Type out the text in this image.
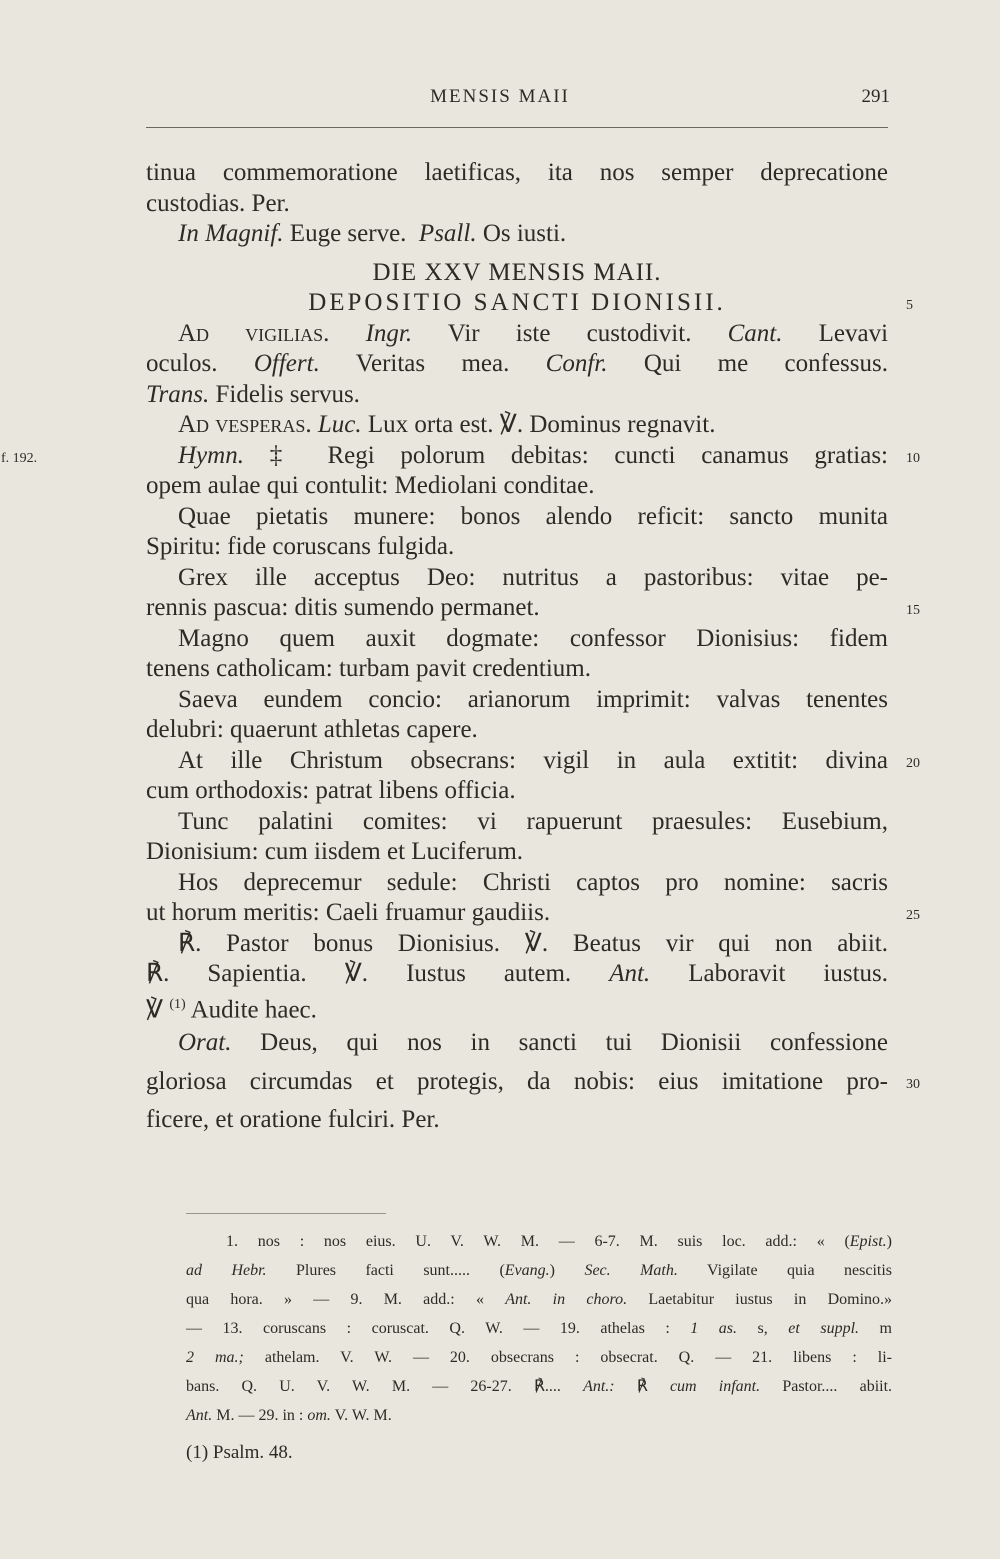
MENSIS MAII	291
tinua commemoratione laetificas, ita nos semper deprecatione
custodias. Per.
In Magnif. Euge serve. Psall. Os iusti.
DIE XXV MENSIS MAII.
DEPOSITIO SANCTI DIONISII.	5
Ad vigilias. Ingr. Vir iste custodivit. Cant. Levavi
oculos. Offert. Veritas mea. Confr. Qui me confessus.
Trans. Fidelis servus.
Ad vesperas. Luc. Lux orta est. ℣. Dominus regnavit.
f. 192.	Hymn. ‡ Regi polorum debitas: cuncti canamus gratias: 10
opem aulae qui contulit: Mediolani conditae.
Quae pietatis munere: bonos alendo reficit: sancto munita
Spiritu: fide coruscans fulgida.
Grex ille acceptus Deo: nutritus a pastoribus: vitae pe-
rennis pascua: ditis sumendo permanet.	15
Magno quem auxit dogmate: confessor Dionisius: fidem
tenens catholicam: turbam pavit credentium.
Saeva eundem concio: arianorum imprimit: valvas tenentes
delubri: quaerunt athletas capere.
At ille Christum obsecrans: vigil in aula extitit: divina 20
cum orthodoxis: patrat libens officia.
Tunc palatini comites: vi rapuerunt praesules: Eusebium,
Dionisium: cum iisdem et Luciferum.
Hos deprecemur sedule: Christi captos pro nomine: sacris
ut horum meritis: Caeli fruamur gaudiis.	25
℟. Pastor bonus Dionisius. ℣. Beatus vir qui non abiit.
℟. Sapientia. ℣. Iustus autem. Ant. Laboravit iustus.
℣ $^{(1)}$ Audite haec.
Orat. Deus, qui nos in sancti tui Dionisii confessione
gloriosa circumdas et protegis, da nobis: eius imitatione pro- 30
ficere, et oratione fulciri. Per.
1. nos : nos eius. U. V. W. M. — 6-7. M. suis loc. add.: « (Epist.)
ad Hebr. Plures facti sunt..... (Evang.) Sec. Math. Vigilate quia nescitis
qua hora. » — 9. M. add.: « Ant. in choro. Laetabitur iustus in Domino.»
— 13. coruscans : coruscat. Q. W. — 19. athelas : 1 as. s, et suppl. m
2 ma.; athelam. V. W. — 20. obsecrans : obsecrat. Q. — 21. libens : li-
bans. Q. U. V. W. M. — 26-27. ℟.... Ant.: ℟ cum infant. Pastor.... abiit.
Ant. M. — 29. in : om. V. W. M.
(1) Psalm. 48.
